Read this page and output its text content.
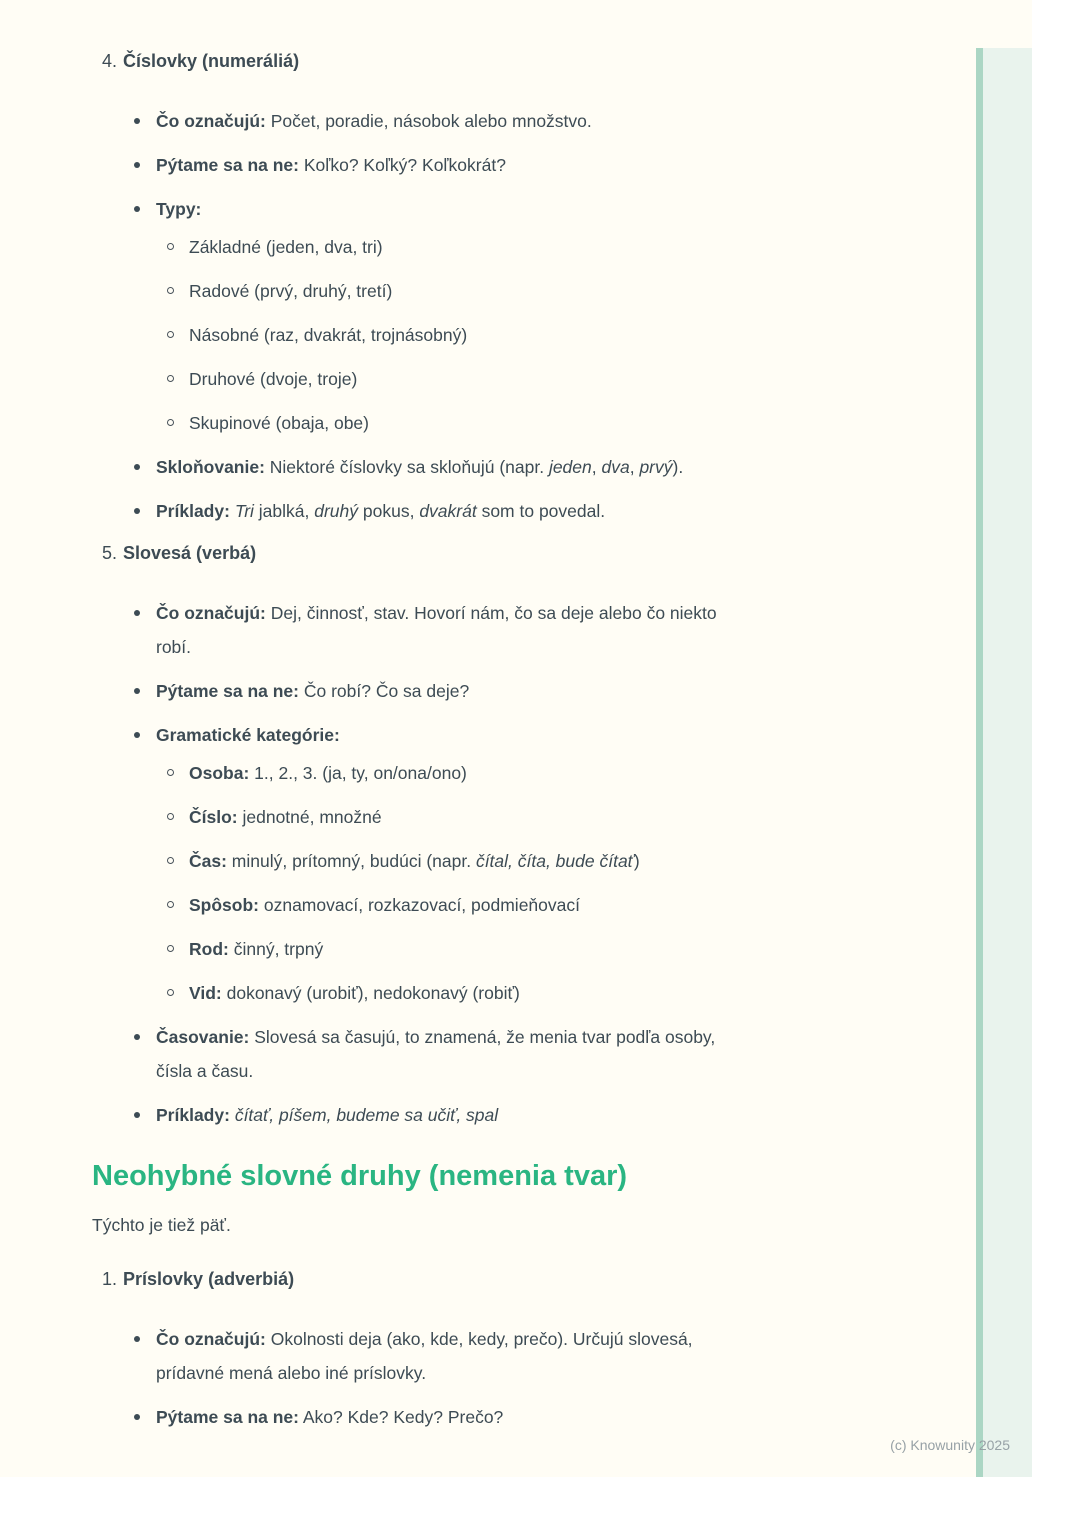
4. Číslovky (numeráliá)
Čo označujú: Počet, poradie, násobok alebo množstvo.
Pýtame sa na ne: Koľko? Koľký? Koľkokrát?
Typy:
Základné (jeden, dva, tri)
Radové (prvý, druhý, tretí)
Násobné (raz, dvakrát, trojnásobný)
Druhové (dvoje, troje)
Skupinové (obaja, obe)
Skloňovanie: Niektoré číslovky sa skloňujú (napr. jeden, dva, prvý).
Príklady: Tri jablká, druhý pokus, dvakrát som to povedal.
5. Slovesá (verbá)
Čo označujú: Dej, činnosť, stav. Hovorí nám, čo sa deje alebo čo niekto robí.
Pýtame sa na ne: Čo robí? Čo sa deje?
Gramatické kategórie:
Osoba: 1., 2., 3. (ja, ty, on/ona/ono)
Číslo: jednotné, množné
Čas: minulý, prítomný, budúci (napr. čítal, číta, bude čítať)
Spôsob: oznamovací, rozkazovací, podmieňovací
Rod: činný, trpný
Vid: dokonavý (urobiť), nedokonavý (robiť)
Časovanie: Slovesá sa časujú, to znamená, že menia tvar podľa osoby, čísla a času.
Príklady: čítať, píšem, budeme sa učiť, spal
Neohybné slovné druhy (nemenia tvar)

Týchto je tiež päť.

1. Príslovky (adverbiá)
Čo označujú: Okolnosti deja (ako, kde, kedy, prečo). Určujú slovesá, prídavné mená alebo iné príslovky.
Pýtame sa na ne: Ako? Kde? Kedy? Prečo?
(c) Knowunity 2025
